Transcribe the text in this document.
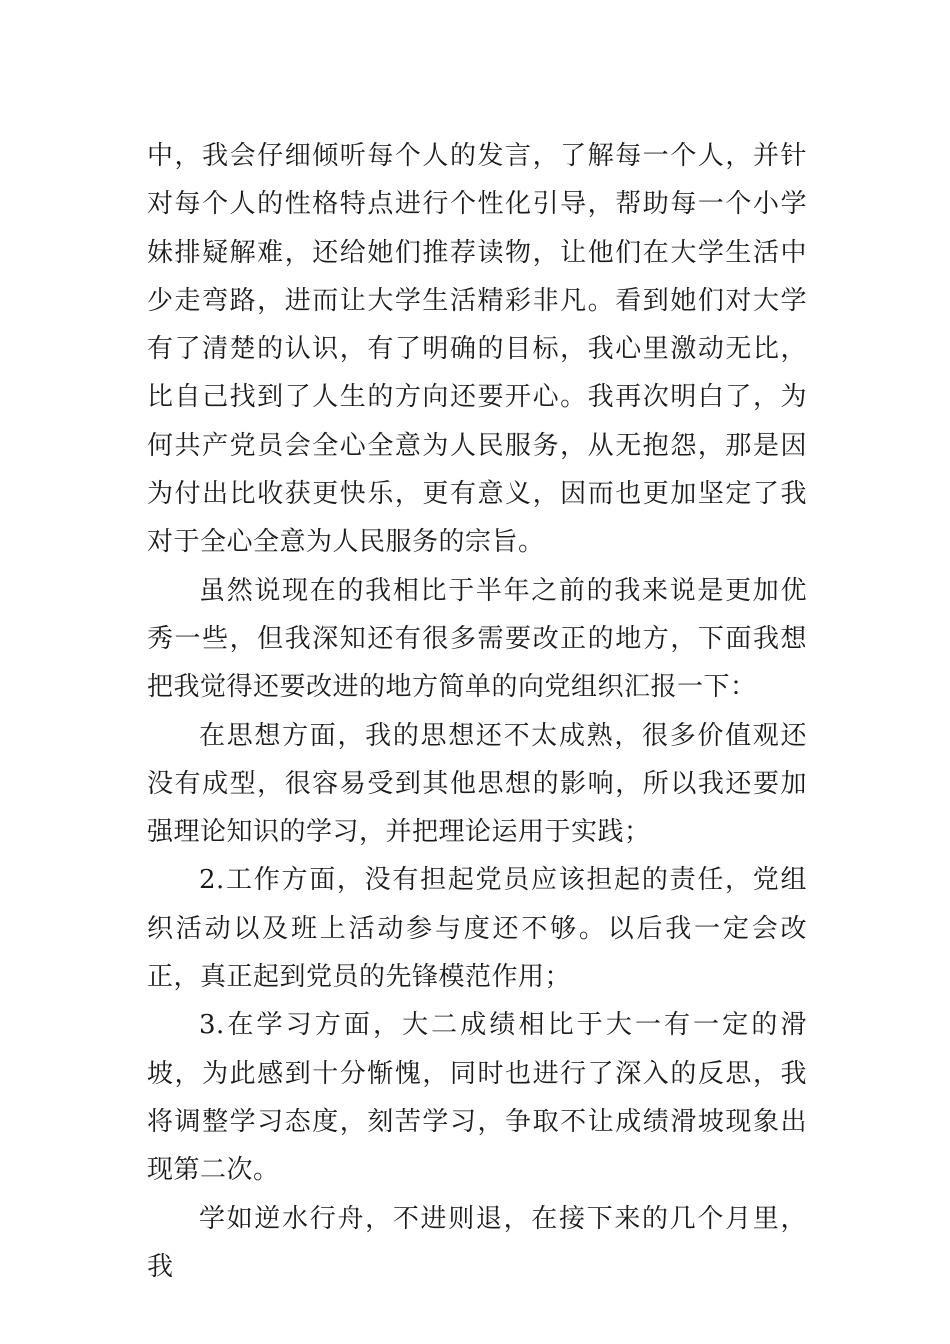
中，我会仔细倾听每个人的发言，了解每一个人，并针对每个人的性格特点进行个性化引导，帮助每一个小学妹排疑解难，还给她们推荐读物，让他们在大学生活中少走弯路，进而让大学生活精彩非凡。看到她们对大学有了清楚的认识，有了明确的目标，我心里激动无比，比自己找到了人生的方向还要开心。我再次明白了，为何共产党员会全心全意为人民服务，从无抱怨，那是因为付出比收获更快乐，更有意义，因而也更加坚定了我对于全心全意为人民服务的宗旨。

虽然说现在的我相比于半年之前的我来说是更加优秀一些，但我深知还有很多需要改正的地方，下面我想把我觉得还要改进的地方简单的向党组织汇报一下：

在思想方面，我的思想还不太成熟，很多价值观还没有成型，很容易受到其他思想的影响，所以我还要加强理论知识的学习，并把理论运用于实践；

2.工作方面，没有担起党员应该担起的责任，党组织活动以及班上活动参与度还不够。以后我一定会改正，真正起到党员的先锋模范作用；

3.在学习方面，大二成绩相比于大一有一定的滑坡，为此感到十分惭愧，同时也进行了深入的反思，我将调整学习态度，刻苦学习，争取不让成绩滑坡现象出现第二次。

学如逆水行舟，不进则退，在接下来的几个月里，我
